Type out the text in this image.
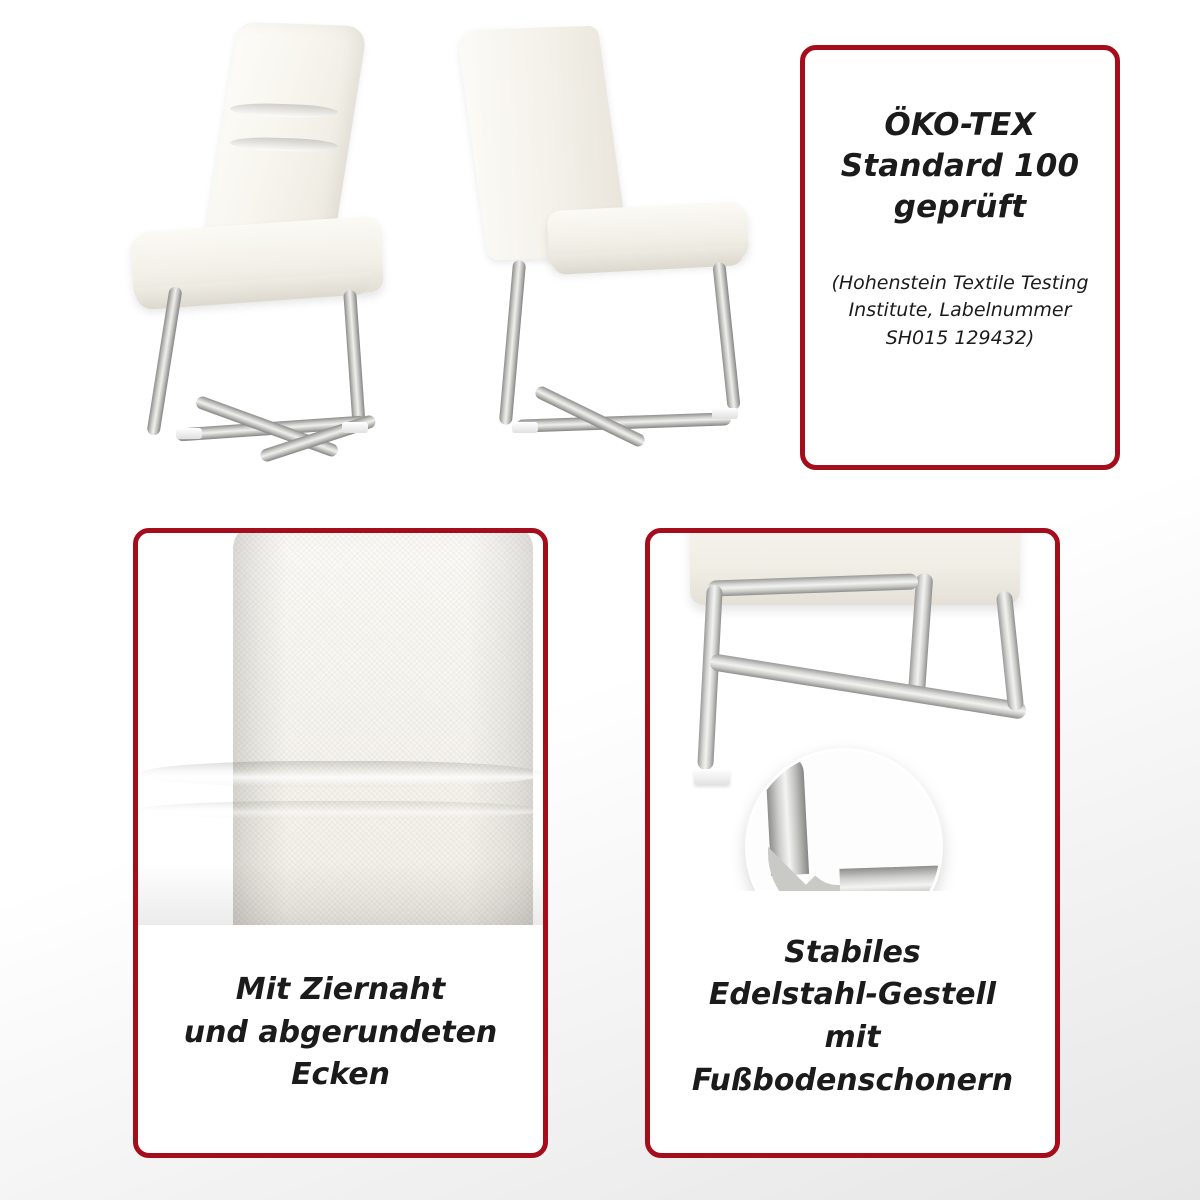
ÖKO-TEX
Standard 100
geprüft
(Hohenstein Textile Testing
Institute, Labelnummer
SH015 129432)
Mit Ziernaht
und abgerundeten
Ecken
Stabiles
Edelstahl-Gestell
mit
Fußbodenschonern
